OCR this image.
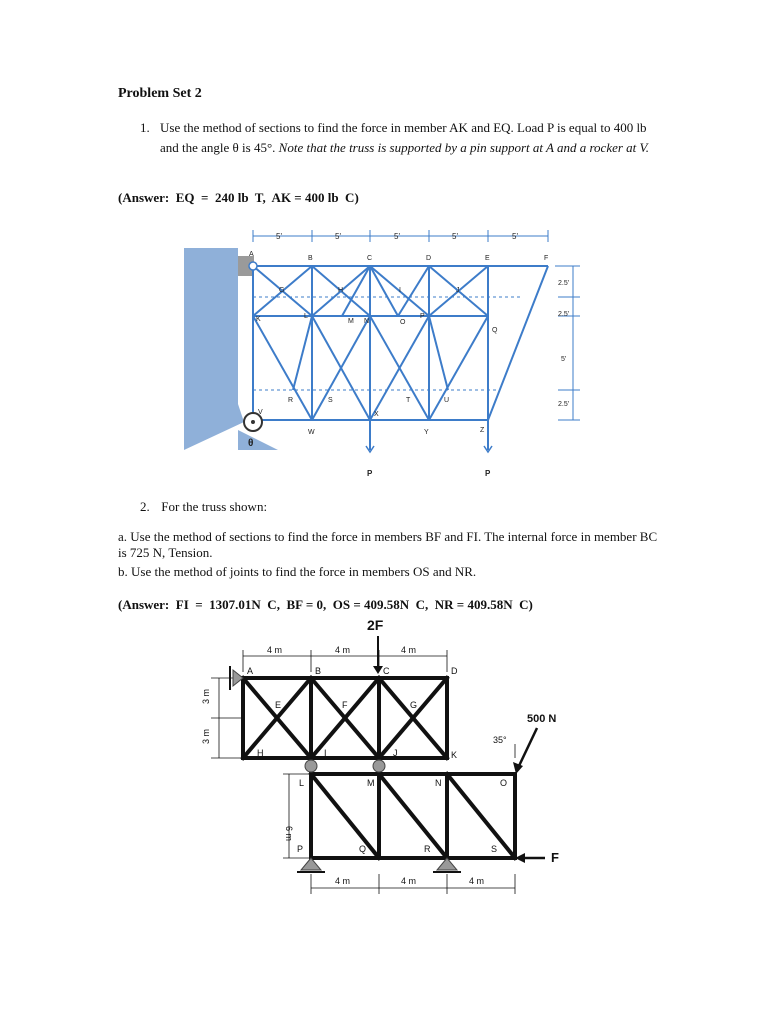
Problem Set 2
1. Use the method of sections to find the force in member AK and EQ. Load P is equal to 400 lb and the angle θ is 45°. Note that the truss is supported by a pin support at A and a rocker at V.
(Answer:  EQ  =  240 lb  T,  AK = 400 lb  C)
5'	5'	5'	5'	5'
2.5'
2.5'
5'
2.5'
A
B	C	D	E	F
G	H	I	J
K	L
M N	O
P
Q
R	S	T	U
V
W
X
Y	Z
θ
P	P
2. For the truss shown:
a. Use the method of sections to find the force in members BF and FI. The internal force in member BC is 725 N, Tension.
b. Use the method of joints to find the force in members OS and NR.
(Answer:  FI  =  1307.01N  C,  BF = 0,  OS = 409.58N  C,  NR = 409.58N  C)
2F
4 m	4 m	4 m
3 m
3 m
6 m
500 N
35°
F
4 m	4 m	4 m
A	B	C	D
E	F	G
H	I	J	K
L	M	N	O
P	Q	R	S
